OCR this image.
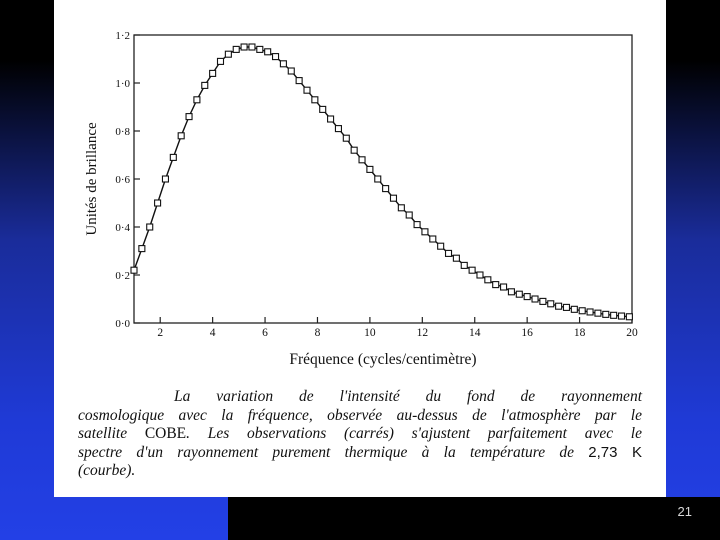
0·0
0·2
0·4
0·6
0·8
1·0
1·2
2	4	6	8	10	12	14	16	18	20
Unités de brillance
Fréquence (cycles/centimètre)
La variation de l'intensité du fond de rayonnement
cosmologique avec la fréquence, observée au-dessus de l'atmosphère par le
satellite COBE. Les observations (carrés) s'ajustent parfaitement avec le
spectre d'un rayonnement purement thermique à la température de 2,73 K
(courbe).
21
